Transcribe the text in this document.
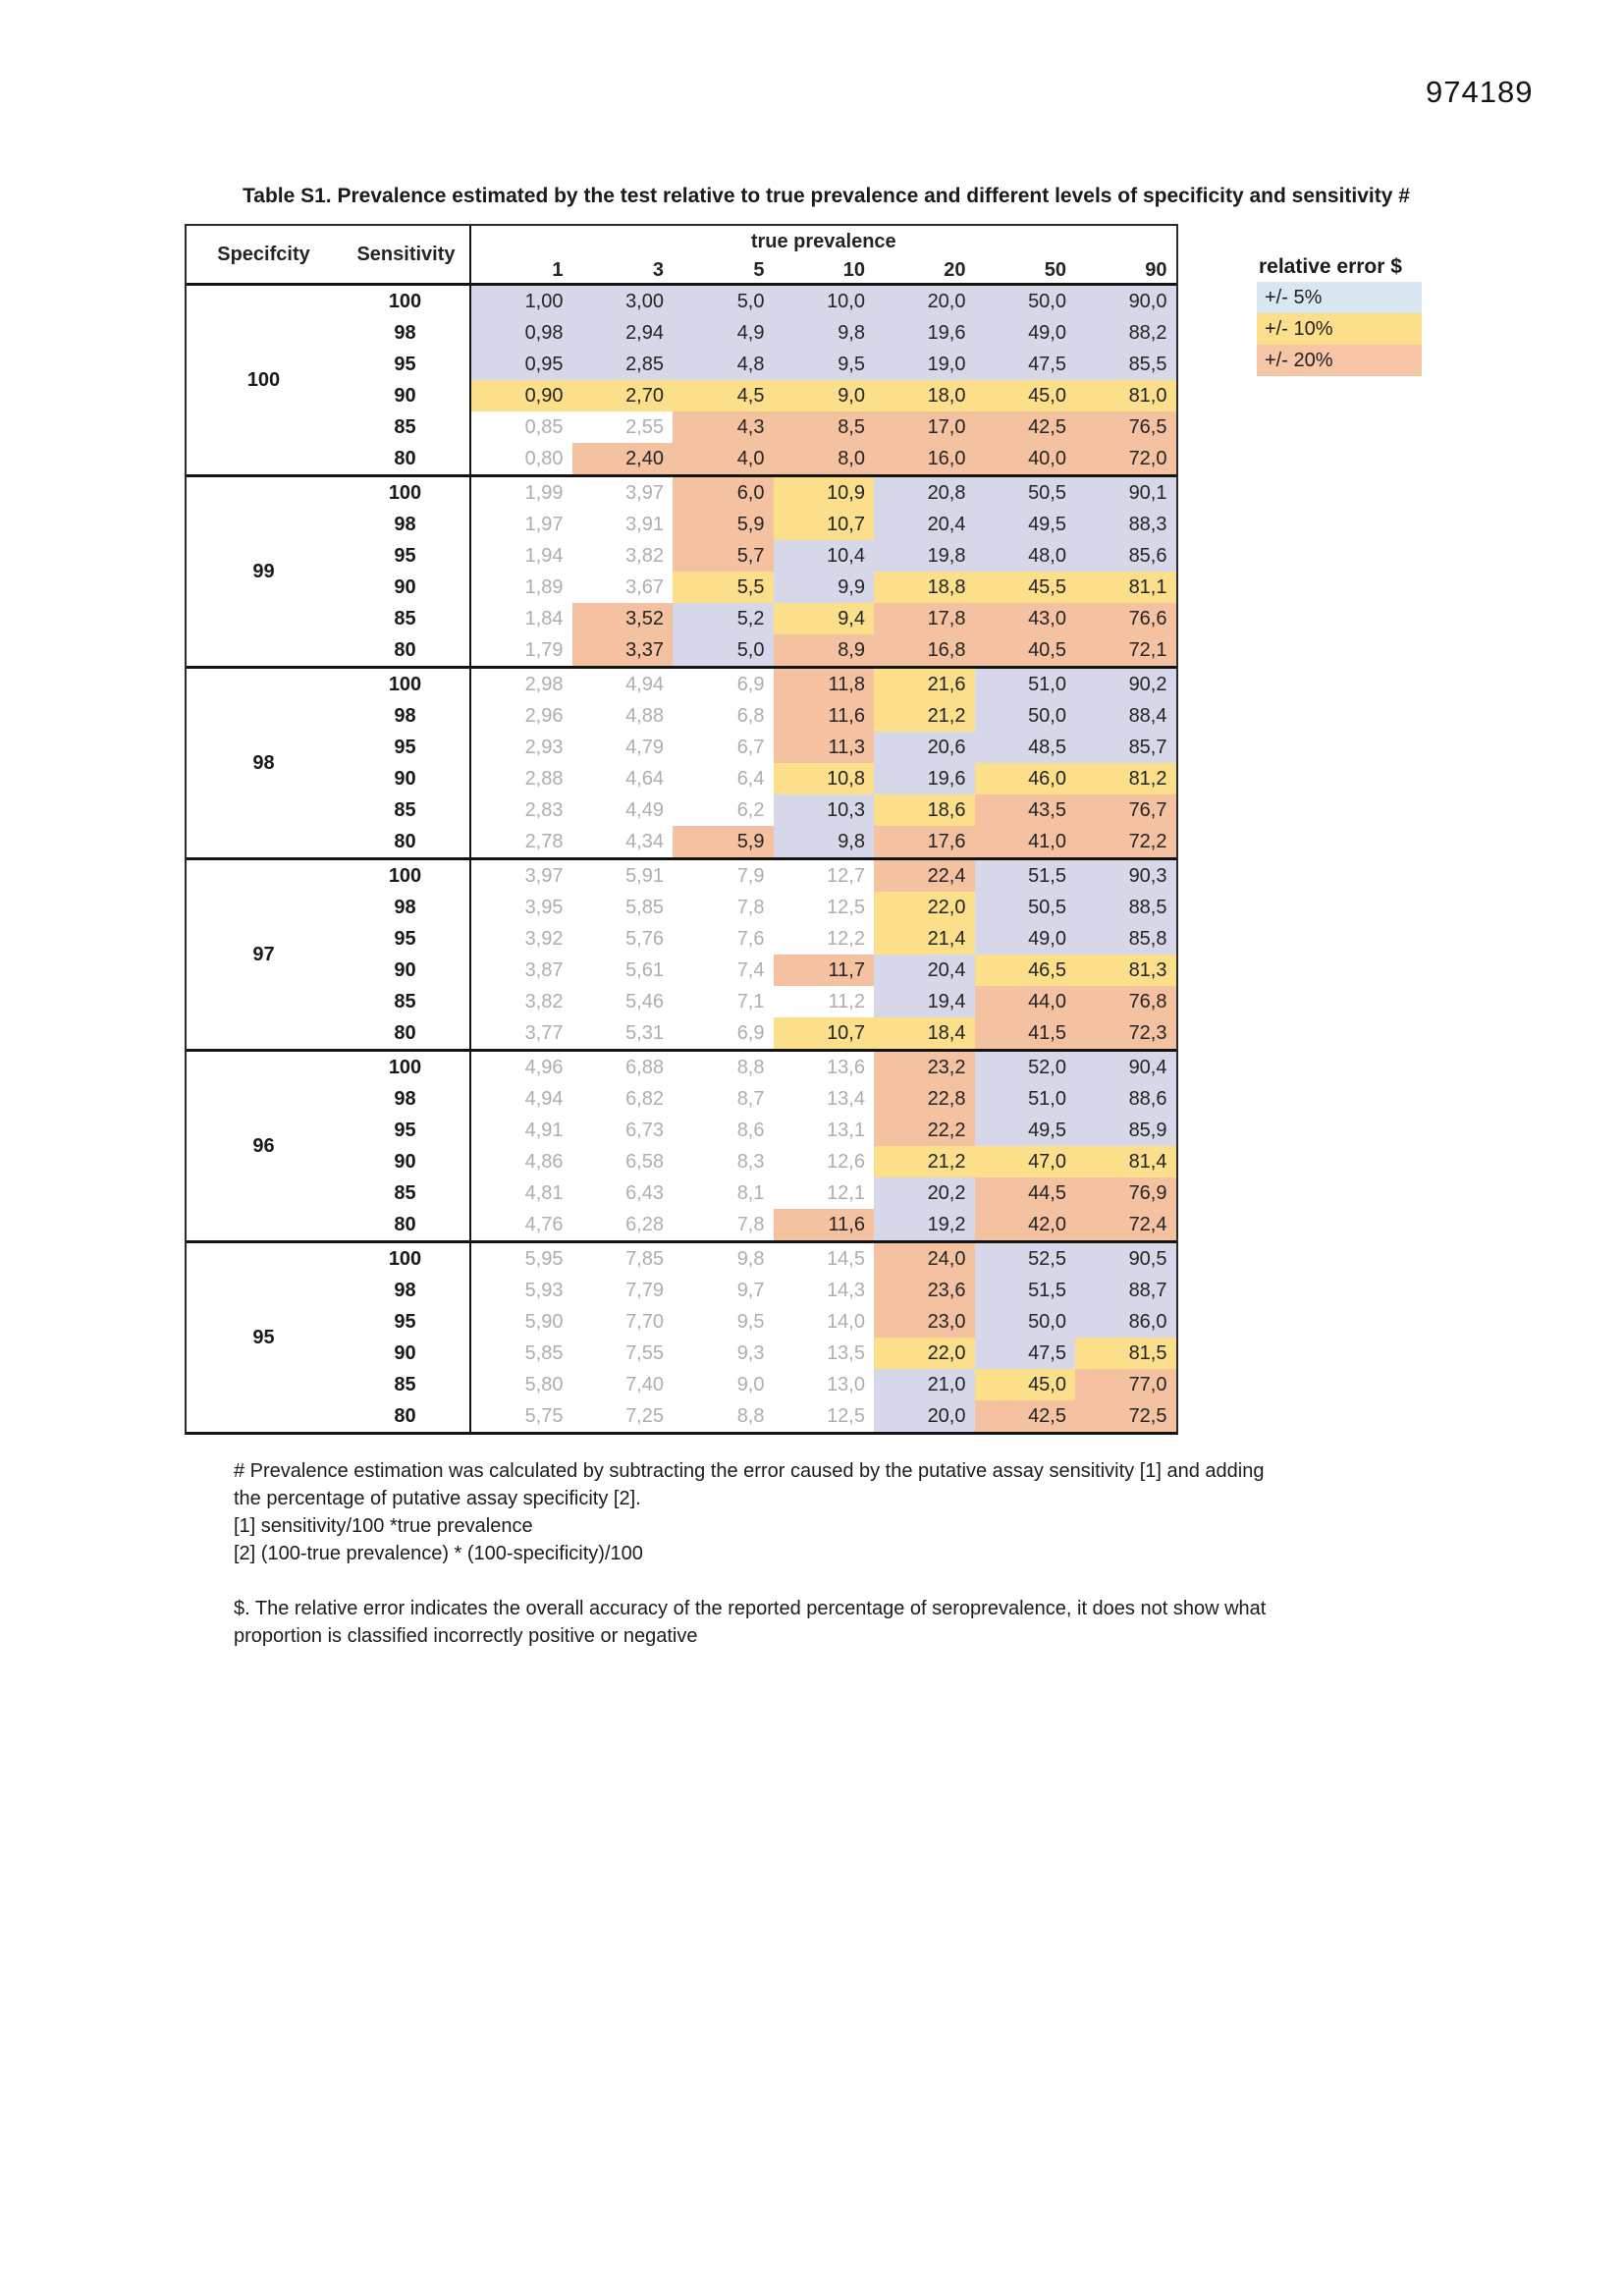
974189
Table S1. Prevalence estimated by the test relative to true prevalence and different levels of specificity and sensitivity #
Specifcity	Sensitivity
true prevalence
1	3	5	10	20	50	90
100
100	1,00	3,00	5,0	10,0	20,0	50,0	90,0
98	0,98	2,94	4,9	9,8	19,6	49,0	88,2
95	0,95	2,85	4,8	9,5	19,0	47,5	85,5
90	0,90	2,70	4,5	9,0	18,0	45,0	81,0
85	0,85	2,55	4,3	8,5	17,0	42,5	76,5
80	0,80	2,40	4,0	8,0	16,0	40,0	72,0
99
100	1,99	3,97	6,0	10,9	20,8	50,5	90,1
98	1,97	3,91	5,9	10,7	20,4	49,5	88,3
95	1,94	3,82	5,7	10,4	19,8	48,0	85,6
90	1,89	3,67	5,5	9,9	18,8	45,5	81,1
85	1,84	3,52	5,2	9,4	17,8	43,0	76,6
80	1,79	3,37	5,0	8,9	16,8	40,5	72,1
98
100	2,98	4,94	6,9	11,8	21,6	51,0	90,2
98	2,96	4,88	6,8	11,6	21,2	50,0	88,4
95	2,93	4,79	6,7	11,3	20,6	48,5	85,7
90	2,88	4,64	6,4	10,8	19,6	46,0	81,2
85	2,83	4,49	6,2	10,3	18,6	43,5	76,7
80	2,78	4,34	5,9	9,8	17,6	41,0	72,2
97
100	3,97	5,91	7,9	12,7	22,4	51,5	90,3
98	3,95	5,85	7,8	12,5	22,0	50,5	88,5
95	3,92	5,76	7,6	12,2	21,4	49,0	85,8
90	3,87	5,61	7,4	11,7	20,4	46,5	81,3
85	3,82	5,46	7,1	11,2	19,4	44,0	76,8
80	3,77	5,31	6,9	10,7	18,4	41,5	72,3
96
100	4,96	6,88	8,8	13,6	23,2	52,0	90,4
98	4,94	6,82	8,7	13,4	22,8	51,0	88,6
95	4,91	6,73	8,6	13,1	22,2	49,5	85,9
90	4,86	6,58	8,3	12,6	21,2	47,0	81,4
85	4,81	6,43	8,1	12,1	20,2	44,5	76,9
80	4,76	6,28	7,8	11,6	19,2	42,0	72,4
95
100	5,95	7,85	9,8	14,5	24,0	52,5	90,5
98	5,93	7,79	9,7	14,3	23,6	51,5	88,7
95	5,90	7,70	9,5	14,0	23,0	50,0	86,0
90	5,85	7,55	9,3	13,5	22,0	47,5	81,5
85	5,80	7,40	9,0	13,0	21,0	45,0	77,0
80	5,75	7,25	8,8	12,5	20,0	42,5	72,5
relative error $
+/- 5%
+/- 10%
+/- 20%
# Prevalence estimation was calculated by subtracting the error caused by the putative assay sensitivity [1] and adding
the percentage of putative assay specificity [2].
[1] sensitivity/100 *true prevalence
[2] (100-true prevalence) * (100-specificity)/100
$. The relative error indicates the overall accuracy of the reported percentage of seroprevalence, it does not show what
proportion is classified incorrectly positive or negative
